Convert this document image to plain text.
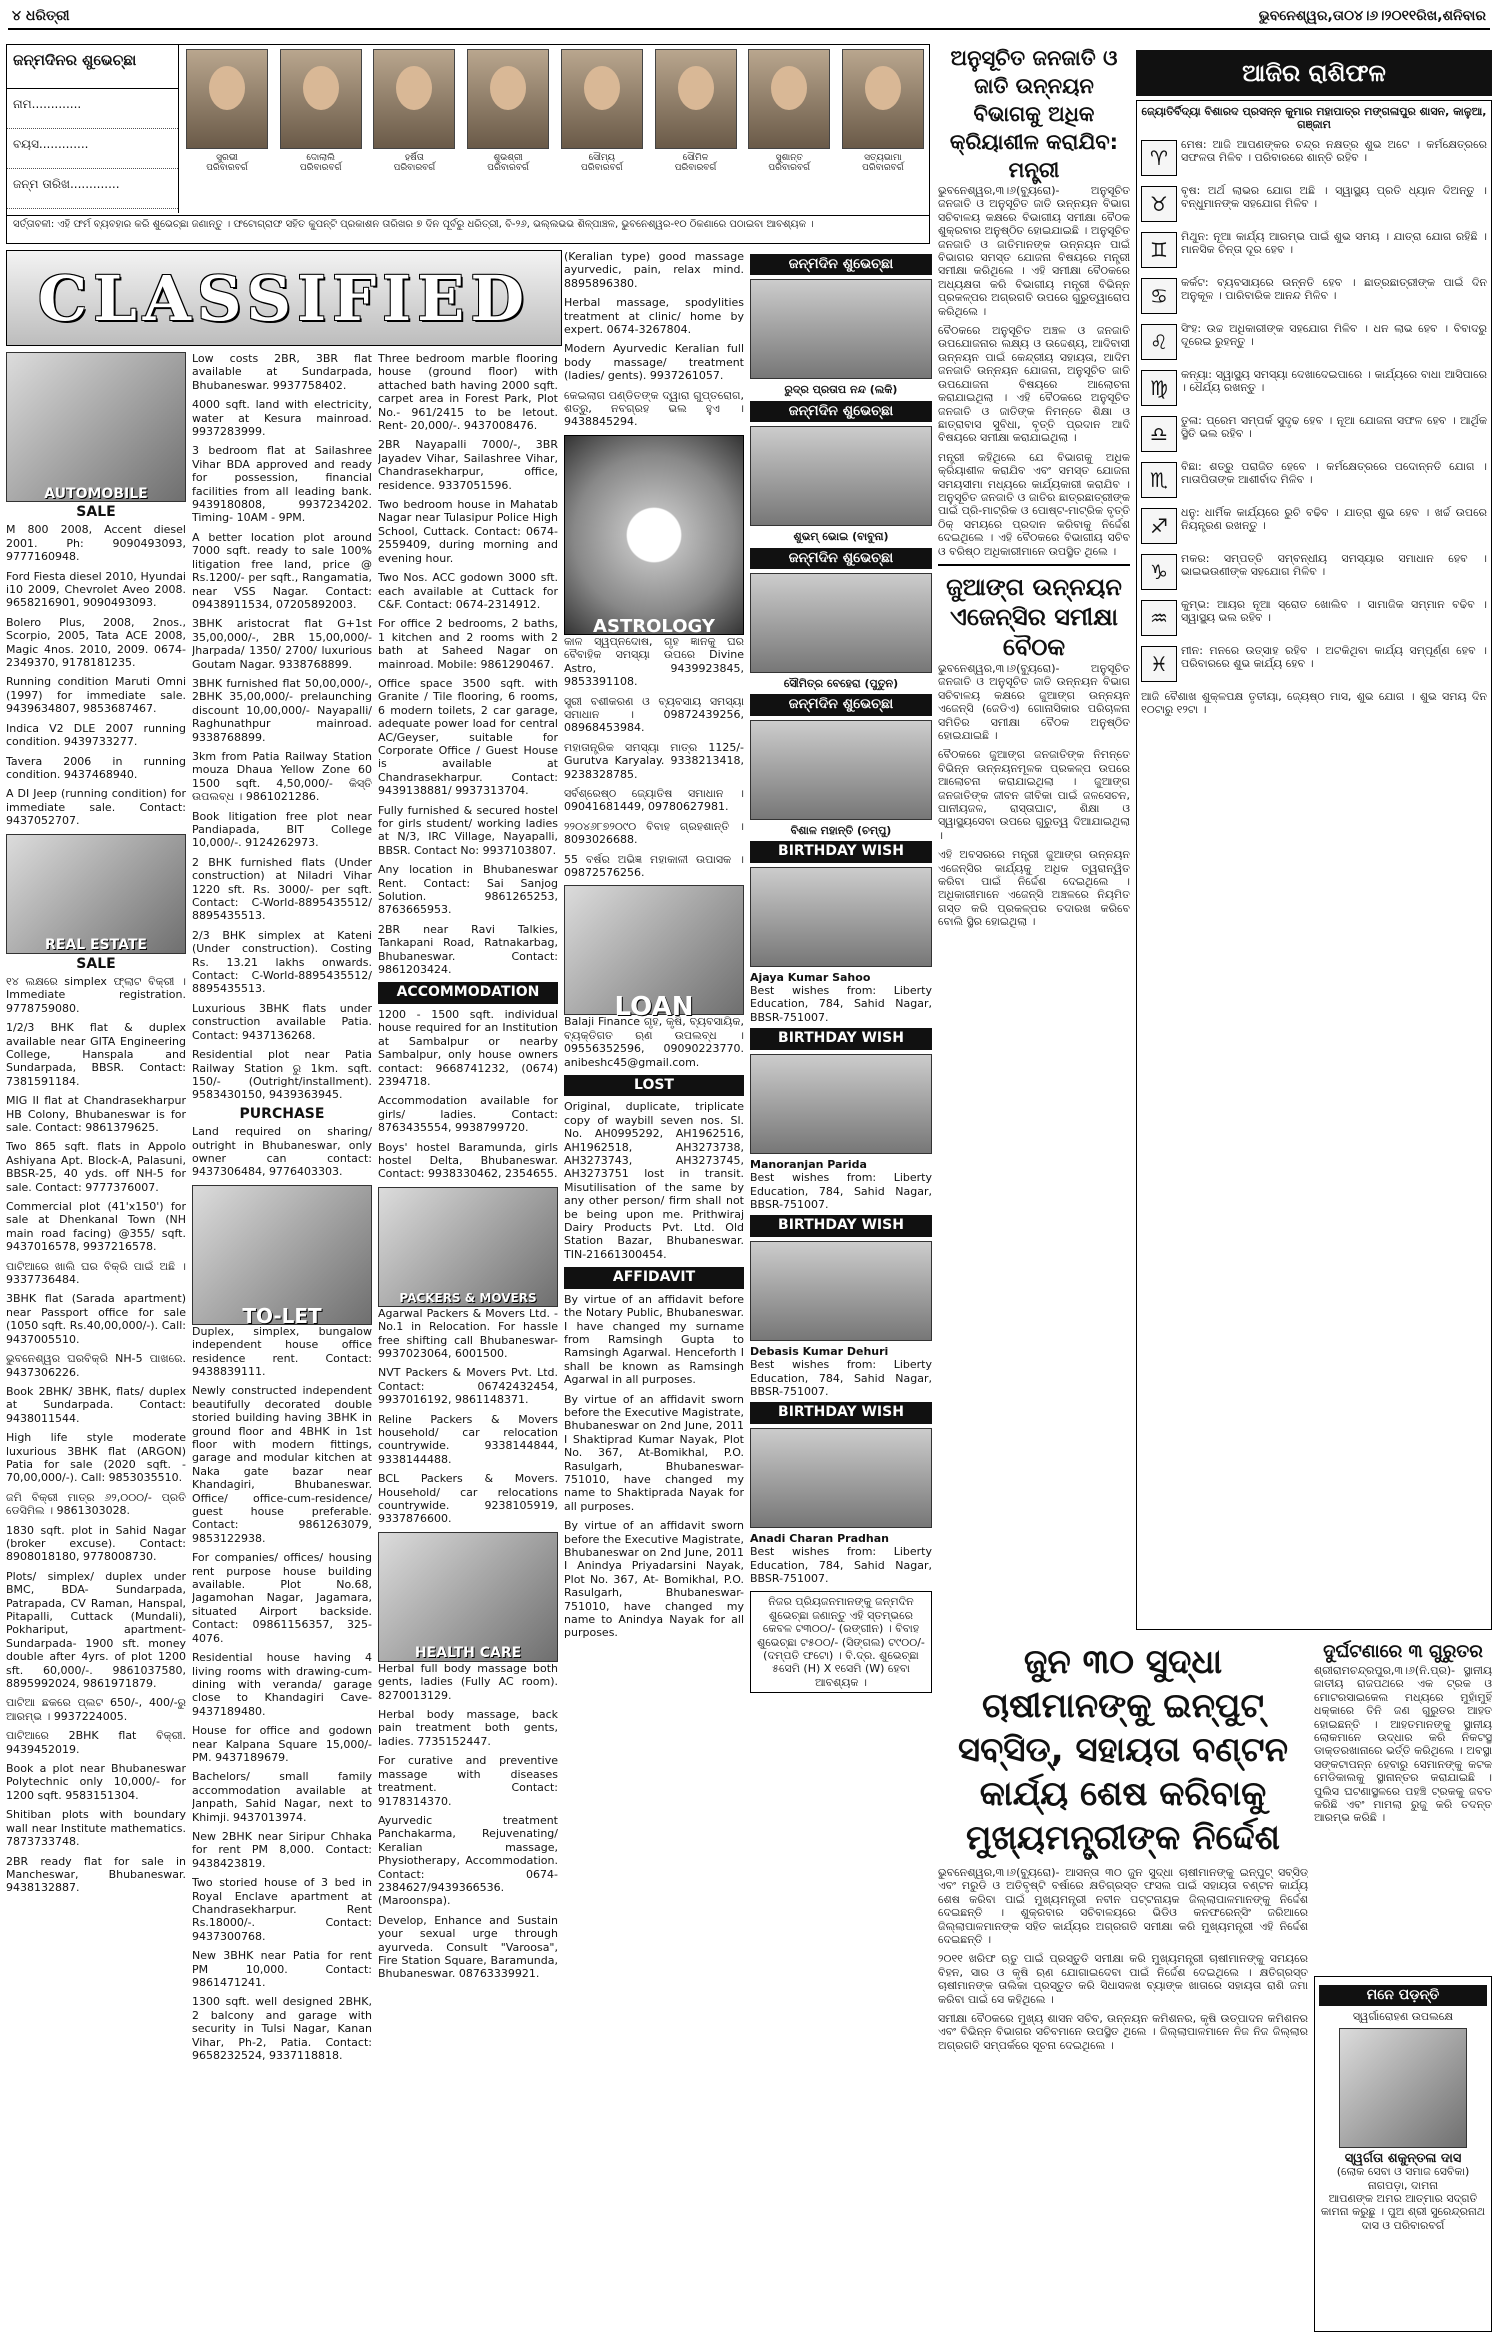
୪ ଧରିତ୍ରୀ	ଭୁବନେଶ୍ୱର,ତା୦୪।୬।୨୦୧୧ରିଖ,ଶନିବାର
ଜନ୍ମଦିନର ଶୁଭେଚ୍ଛା
ନାମ.............
ବୟସ.............
ଜନ୍ମ ତାରିଖ.............
ସୁରଭୀ
ପରିବାରବର୍ଗ
ଦୋଲାଲି
ପରିବାରବର୍ଗ
ହର୍ଷିତା
ପରିବାରବର୍ଗ
ଶୁଭଶ୍ରୀ
ପରିବାରବର୍ଗ
ସୌମ୍ୟ
ପରିବାରବର୍ଗ
ସୌମିଳ
ପରିବାରବର୍ଗ
ସୁଶାନ୍ତ
ପରିବାରବର୍ଗ
ସତ୍ୟଭାମା
ପରିବାରବର୍ଗ
ସର୍ତ୍ତାବଳୀ: ଏହି ଫର୍ମ ବ୍ୟବହାର କରି ଶୁଭେଚ୍ଛା ଜଣାନ୍ତୁ । ଫଟୋଗ୍ରାଫ ସହିତ କୁପନ୍‌ଟି ପ୍ରକାଶନ ତାରିଖର ୭ ଦିନ ପୂର୍ବରୁ ଧରିତ୍ରୀ, ବି-୨୬, ଭଲ୍ଲଭଭ ଶିଳ୍ପାଞ୍ଚଳ, ଭୁବନେଶ୍ୱର-୧୦ ଠିକଣାରେ ପଠାଇବା ଆବଶ୍ୟକ ।
CLASSIFIED
AUTOMOBILE
SALE

M 800 2008, Accent diesel 2001. Ph: 9090493093, 9777160948.

Ford Fiesta diesel 2010, Hyundai i10 2009, Chevrolet Aveo 2008. 9658216901, 9090493093.

Bolero Plus, 2008, 2nos., Scorpio, 2005, Tata ACE 2008, Magic 4nos. 2010, 2009. 0674-2349370, 9178181235.

Running condition Maruti Omni (1997) for immediate sale. 9439634807, 9853687467.

Indica V2 DLE 2007 running condition. 9439733277.

Tavera 2006 in running condition. 9437468940.

A DI Jeep (running condition) for immediate sale. Contact: 9437052707.

REAL ESTATE
SALE

୧୪ ଲକ୍ଷରେ simplex ଫ୍ଲାଟ ବିକ୍ରୀ । Immediate registration. 9778759080.

1/2/3 BHK flat & duplex available near GITA Engineering College, Hanspala and Sundarpada, BBSR. Contact: 7381591184.

MIG II flat at Chandrasekharpur HB Colony, Bhubaneswar is for sale. Contact: 9861379625.

Two 865 sqft. flats in Appolo Ashiyana Apt. Block-A, Palasuni, BBSR-25, 40 yds. off NH-5 for sale. Contact: 9777376007.

Commercial plot (41'x150') for sale at Dhenkanal Town (NH main road facing) @355/ sqft. 9437016578, 9937216578.

ପାଟିଆରେ ଖାଲି ଘର ବିକ୍ରି ପାଇଁ ଅଛି । 9337736484.

3BHK flat (Sarada apartment) near Passport office for sale (1050 sqft. Rs.40,00,000/-). Call: 9437005510.

ଭୁବନେଶ୍ୱର ଘରବିକ୍ରି NH-5 ପାଖରେ. 9437306226.

Book 2BHK/ 3BHK, flats/ duplex at Sundarpada. Contact: 9438011544.

High life style moderate luxurious 3BHK flat (ARGON) Patia for sale (2020 sqft. - 70,00,000/-). Call: 9853035510.

ଜମି ବିକ୍ରୀ ମାତ୍ର ୬୨,୦୦୦/- ପ୍ରତି ଡେସିମିଲ । 9861303028.

1830 sqft. plot in Sahid Nagar (broker excuse). Contact: 8908018180, 9778008730.

Plots/ simplex/ duplex under BMC, BDA- Sundarpada, Patrapada, CV Raman, Hanspal, Pitapalli, Cuttack (Mundali), Pokhariput, apartment- Sundarpada- 1900 sft. money double after 4yrs. of plot 1200 sft. 60,000/-. 9861037580, 8895992024, 9861971879.

ପାଟିଆ ଛକରେ ପ୍ଲଟ 650/-, 400/-ରୁ ଆରମ୍ଭ । 9937224005.

ପାଟିଆରେ 2BHK flat ବିକ୍ରୀ. 9439452019.

Book a plot near Bhubaneswar Polytechnic only 10,000/- for 1200 sqft. 9583151304.

Shitiban plots with boundary wall near Institute mathematics. 7873733748.

2BR ready flat for sale in Mancheswar, Bhubaneswar. 9438132887.

Low costs 2BR, 3BR flat available at Sundarpada, Bhubaneswar. 9937758402.

4000 sqft. land with electricity, water at Kesura mainroad. 9937283999.

3 bedroom flat at Sailashree Vihar BDA approved and ready for possession, financial facilities from all leading bank. 9439180808, 9937234202. Timing- 10AM - 9PM.

A better location plot around 7000 sqft. ready to sale 100% litigation free land, price @ Rs.1200/- per sqft., Rangamatia, near VSS Nagar. Contact: 09438911534, 07205892003.

3BHK aristocrat flat G+1st 35,00,000/-, 2BR 15,00,000/- Jharpada/ 1350/ 2700/ luxurious Goutam Nagar. 9338768899.

3BHK furnished flat 50,00,000/-, 2BHK 35,00,000/- prelaunching discount 10,00,000/- Nayapalli/ Raghunathpur mainroad. 9338768899.

3km from Patia Railway Station mouza Dhaua Yellow Zone 60 1500 sqft. 4,50,000/- କିସ୍ତି ଉପଲବ୍ଧ । 9861021286.

Book litigation free plot near Pandiapada, BIT College 10,000/-. 9124262973.

2 BHK furnished flats (Under construction) at Niladri Vihar 1220 sft. Rs. 3000/- per sqft. Contact: C-World-8895435512/ 8895435513.

2/3 BHK simplex at Kateni (Under construction). Costing Rs. 13.21 lakhs onwards. Contact: C-World-8895435512/ 8895435513.

Luxurious 3BHK flats under construction available Patia. Contact: 9437136268.

Residential plot near Patia Railway Station ରୁ 1km. sqft. 150/- (Outright/installment). 9583430150, 9439363945.

PURCHASE

Land required on sharing/ outright in Bhubaneswar, only owner can contact: 9437306484, 9776403303.

TO-LET

Duplex, simplex, bungalow independent house office residence rent. Contact: 9438839111.

Newly constructed independent beautifully decorated double storied building having 3BHK in ground floor and 4BHK in 1st floor with modern fittings, garage and modular kitchen at Naka gate bazar near Khandagiri, Bhubaneswar. Office/ office-cum-residence/ guest house preferable. Contact: 9861263079, 9853122938.

For companies/ offices/ housing rent purpose house building available. Plot No.68, Jagamohan Nagar, Jagamara, situated Airport backside. Contact: 09861156357, 325-4076.

Residential house having 4 living rooms with drawing-cum-dining with veranda/ garage close to Khandagiri Cave- 9437189480.

House for office and godown near Kalpana Square 15,000/- PM. 9437189679.

Bachelors/ small family accommodation available at Janpath, Sahid Nagar, next to Khimji. 9437013974.

New 2BHK near Siripur Chhaka for rent PM 8,000. Contact: 9438423819.

Two storied house of 3 bed in Royal Enclave apartment at Chandrasekharpur. Rent Rs.18000/-. Contact: 9437300768.

New 3BHK near Patia for rent PM 10,000. Contact: 9861471241.

1300 sqft. well designed 2BHK, 2 balcony and garage with security in Tulsi Nagar, Kanan Vihar, Ph-2, Patia. Contact: 9658232524, 9337118818.

Three bedroom marble flooring house (ground floor) with attached bath having 2000 sqft. carpet area in Forest Park, Plot No.- 961/2415 to be letout. Rent- 20,000/-. 9437008476.

2BR Nayapalli 7000/-, 3BR Jayadev Vihar, Sailashree Vihar, Chandrasekharpur, office, residence. 9337051596.

Two bedroom house in Mahatab Nagar near Tulasipur Police High School, Cuttack. Contact: 0674-2559409, during morning and evening hour.

Two Nos. ACC godown 3000 sft. each available at Cuttack for C&F. Contact: 0674-2314912.

For office 2 bedrooms, 2 baths, 1 kitchen and 2 rooms with 2 bath at Saheed Nagar on mainroad. Mobile: 9861290467.

Office space 3500 sqft. with Granite / Tile flooring, 6 rooms, 6 modern toilets, 2 car garage, adequate power load for central AC/Geyser, suitable for Corporate Office / Guest House is available at Chandrasekharpur. Contact: 9439138881/ 9937313704.

Fully furnished & secured hostel for girls student/ working ladies at N/3, IRC Village, Nayapalli, BBSR. Contact No: 9937103807.

Any location in Bhubaneswar Rent. Contact: Sai Sanjog Solution. 9861265253, 8763665953.

2BR near Ravi Talkies, Tankapani Road, Ratnakarbag, Bhubaneswar. Contact: 9861203424.

ACCOMMODATION

1200 - 1500 sqft. individual house required for an Institution at Sambalpur or nearby Sambalpur, only house owners contact: 9668741232, (0674) 2394718.

Accommodation available for girls/ ladies. Contact: 8763435554, 9938799720.

Boys' hostel Baramunda, girls hostel Delta, Bhubaneswar. Contact: 9938330462, 2354655.

PACKERS & MOVERS

Agarwal Packers & Movers Ltd. - No.1 in Relocation. For hassle free shifting call Bhubaneswar- 9937023064, 6001500.

NVT Packers & Movers Pvt. Ltd. Contact: 06742432454, 9937016192, 9861148371.

Reline Packers & Movers household/ car relocation countrywide. 9338144844, 9338144488.

BCL Packers & Movers. Household/ car relocations countrywide. 9238105919, 9337876600.

HEALTH CARE

Herbal full body massage both gents, ladies (Fully AC room). 8270013129.

Herbal body massage, back pain treatment both gents, ladies. 7735152447.

For curative and preventive massage with diseases treatment. Contact: 9178314370.

Ayurvedic treatment Panchakarma, Rejuvenating/ Keralian massage, Physiotherapy, Accommodation. Contact: 0674-2384627/9439366536. (Maroonspa).

Develop, Enhance and Sustain your sexual urge through ayurveda. Consult "Varoosa", Fire Station Square, Baramunda, Bhubaneswar. 08763339921.

(Keralian type) good massage ayurvedic, pain, relax mind. 8895896380.

Herbal massage, spodylities treatment at clinic/ home by expert. 0674-3267804.

Modern Ayurvedic Keralian full body massage/ treatment (ladies/ gents). 9937261057.

କେଇଲାଗ ପଣ୍ଡିତଙ୍କ ଦ୍ୱାରା ଗୁପ୍ତରୋଗ, ଶତ୍ରୁ, ନବଗ୍ରହ ଭଲ ହୁଏ । 9438845294.

ASTROLOGY

କାଳ ସ୍ୱପ୍ନଦୋଷ, ଗୃହ ଜ୍ଞାନକୁ ଘର ବୈବାହିକ ସମସ୍ୟା ଉପରେ Divine Astro, 9439923845, 9853391108.

ସ୍ତ୍ରୀ ବଶୀକରଣ ଓ ବ୍ୟବସାୟ ସମସ୍ୟା ସମାଧାନ । 09872439256, 08968453984.

ମହାତାନ୍ତ୍ରିକ ସମସ୍ୟା ମାତ୍ର 1125/- Gurutva Karyalay. 9338213418, 9238328785.

ସର୍ବଶ୍ରେଷ୍ଠ ଜ୍ୟୋତିଷ ସମାଧାନ । 09041681449, 09780627981.

୨୨୦୪୬୮୭୨୦୯୦ ବିବାହ ଗ୍ରହଶାନ୍ତି । 8093026688.

55 ବର୍ଷର ଅଭିଜ୍ଞ ମହାକାଳୀ ଉପାସକ । 09872576256.

LOAN

Balaji Finance ଗୃହ, କୃଷି, ବ୍ୟବସାୟିକ, ବ୍ୟକ୍ତିଗତ ଋଣ ଉପଲବ୍ଧ । 09556352596, 09090223770. anibeshc45@gmail.com.

LOST

Original, duplicate, triplicate copy of waybill seven nos. Sl. No. AH0995292, AH1962516, AH1962518, AH3273738, AH3273743, AH3273745, AH3273751 lost in transit. Misutilisation of the same by any other person/ firm shall not be being upon me. Prithwiraj Dairy Products Pvt. Ltd. Old Station Bazar, Bhubaneswar. TIN-21661300454.

AFFIDAVIT

By virtue of an affidavit before the Notary Public, Bhubaneswar. I have changed my surname from Ramsingh Gupta to Ramsingh Agarwal. Henceforth I shall be known as Ramsingh Agarwal in all purposes.

By virtue of an affidavit sworn before the Executive Magistrate, Bhubaneswar on 2nd June, 2011 I Shaktiprad Kumar Nayak, Plot No. 367, At-Bomikhal, P.O. Rasulgarh, Bhubaneswar- 751010, have changed my name to Shaktiprada Nayak for all purposes.

By virtue of an affidavit sworn before the Executive Magistrate, Bhubaneswar on 2nd June, 2011 I Anindya Priyadarsini Nayak, Plot No. 367, At- Bomikhal, P.O. Rasulgarh, Bhubaneswar- 751010, have changed my name to Anindya Nayak for all purposes.

ଜନ୍ମଦିନ ଶୁଭେଚ୍ଛା
ରୁଦ୍ର ପ୍ରତାପ ନନ୍ଦ (ଲକି)
ଜନ୍ମଦିନ ଶୁଭେଚ୍ଛା
ଶୁଭମ୍ ଭୋଇ (ବାବୁନା)
ଜନ୍ମଦିନ ଶୁଭେଚ୍ଛା
ସୌମିତ୍ର ବେହେରା (ପୁତୁନ)
ଜନ୍ମଦିନ ଶୁଭେଚ୍ଛା
ବିଶାଳ ମହାନ୍ତି (ଚମ୍ପୁ)
BIRTHDAY WISH
Ajaya Kumar Sahoo
Best wishes from: Liberty Education, 784, Sahid Nagar, BBSR-751007.
BIRTHDAY WISH
Manoranjan Parida
Best wishes from: Liberty Education, 784, Sahid Nagar, BBSR-751007.
BIRTHDAY WISH
Debasis Kumar Dehuri
Best wishes from: Liberty Education, 784, Sahid Nagar, BBSR-751007.
BIRTHDAY WISH
Anadi Charan Pradhan
Best wishes from: Liberty Education, 784, Sahid Nagar, BBSR-751007.
ନିଜର ପ୍ରିୟଜନମାନଙ୍କୁ ଜନ୍ମଦିନ ଶୁଭେଚ୍ଛା ଜଣାନ୍ତୁ ଏହି ସ୍ତମ୍ଭରେ କେବଳ ଟ୩୦୦/- (ରଙ୍ଗୀନ) । ବିବାହ ଶୁଭେଚ୍ଛା ଟ୫୦୦/- (ସିଙ୍ଗଲ) ଟ୯୦୦/- (ଦମ୍ପତି ଫଟୋ) । ବି.ଦ୍ର. ଶୁଭେଚ୍ଛା ୫ସେମି (H) X ୧ସେମି (W) ହେବା ଆବଶ୍ୟକ ।
ଅନୁସୂଚିତ ଜନଜାତି ଓ ଜାତି ଉନ୍ନୟନ ବିଭାଗକୁ ଅଧିକ କ୍ରିୟାଶୀଳ କରାଯିବ: ମନ୍ତ୍ରୀ

ଭୁବନେଶ୍ୱର,୩।୬(ବ୍ୟୁରୋ)- ଅନୁସୂଚିତ ଜନଜାତି ଓ ଅନୁସୂଚିତ ଜାତି ଉନ୍ନୟନ ବିଭାଗ ସଚିବାଳୟ କକ୍ଷରେ ବିଭାଗୀୟ ସମୀକ୍ଷା ବୈଠକ ଶୁକ୍ରବାର ଅନୁଷ୍ଠିତ ହୋଇଯାଇଛି । ଅନୁସୂଚିତ ଜନଜାତି ଓ ଜାତିମାନଙ୍କ ଉନ୍ନୟନ ପାଇଁ ବିଭାଗର ସମସ୍ତ ଯୋଜନା ବିଷୟରେ ମନ୍ତ୍ରୀ ସମୀକ୍ଷା କରିଥିଲେ । ଏହି ସମୀକ୍ଷା ବୈଠକରେ ଅଧ୍ୟକ୍ଷତା କରି ବିଭାଗୀୟ ମନ୍ତ୍ରୀ ବିଭିନ୍ନ ପ୍ରକଳ୍ପର ଅଗ୍ରଗତି ଉପରେ ଗୁରୁତ୍ୱାରୋପ କରିଥିଲେ ।

ବୈଠକରେ ଅନୁସୂଚିତ ଅଞ୍ଚଳ ଓ ଜନଜାତି ଉପଯୋଜନାର ଲକ୍ଷ୍ୟ ଓ ଉଦ୍ଦେଶ୍ୟ, ଆଦିବାସୀ ଉନ୍ନୟନ ପାଇଁ କେନ୍ଦ୍ରୀୟ ସହାୟତା, ଆଦିମ ଜନଜାତି ଉନ୍ନୟନ ଯୋଜନା, ଅନୁସୂଚିତ ଜାତି ଉପଯୋଜନା ବିଷୟରେ ଆଲୋଚନା କରାଯାଇଥିଲା । ଏହି ବୈଠକରେ ଅନୁସୂଚିତ ଜନଜାତି ଓ ଜାତିଙ୍କ ନିମନ୍ତେ ଶିକ୍ଷା ଓ ଛାତ୍ରାବାସ ସୁବିଧା, ବୃତ୍ତି ପ୍ରଦାନ ଆଦି ବିଷୟରେ ସମୀକ୍ଷା କରାଯାଇଥିଲା ।

ମନ୍ତ୍ରୀ କହିଥିଲେ ଯେ ବିଭାଗକୁ ଅଧିକ କ୍ରିୟାଶୀଳ କରାଯିବ ଏବଂ ସମସ୍ତ ଯୋଜନା ସମୟସୀମା ମଧ୍ୟରେ କାର୍ଯ୍ୟକାରୀ କରାଯିବ । ଅନୁସୂଚିତ ଜନଜାତି ଓ ଜାତିର ଛାତ୍ରଛାତ୍ରୀଙ୍କ ପାଇଁ ପ୍ରି-ମାଟ୍ରିକ ଓ ପୋଷ୍ଟ-ମାଟ୍ରିକ ବୃତ୍ତି ଠିକ୍ ସମୟରେ ପ୍ରଦାନ କରିବାକୁ ନିର୍ଦ୍ଦେଶ ଦେଇଥିଲେ । ଏହି ବୈଠକରେ ବିଭାଗୀୟ ସଚିବ ଓ ବରିଷ୍ଠ ଅଧିକାରୀମାନେ ଉପସ୍ଥିତ ଥିଲେ ।

ଜୁଆଙ୍ଗ ଉନ୍ନୟନ ଏଜେନ୍ସିର ସମୀକ୍ଷା ବୈଠକ

ଭୁବନେଶ୍ୱର,୩।୬(ବ୍ୟୁରୋ)- ଅନୁସୂଚିତ ଜନଜାତି ଓ ଅନୁସୂଚିତ ଜାତି ଉନ୍ନୟନ ବିଭାଗ ସଚିବାଳୟ କକ୍ଷରେ ଜୁଆଙ୍ଗ ଉନ୍ନୟନ ଏଜେନ୍ସି (ଜେଡିଏ) ଗୋନାସିକାର ପରିଚାଳନା ସମିତିର ସମୀକ୍ଷା ବୈଠକ ଅନୁଷ୍ଠିତ ହୋଇଯାଇଛି ।

ବୈଠକରେ ଜୁଆଙ୍ଗ ଜନଜାତିଙ୍କ ନିମନ୍ତେ ବିଭିନ୍ନ ଉନ୍ନୟନମୂଳକ ପ୍ରକଳ୍ପ ଉପରେ ଆଲୋଚନା କରାଯାଇଥିଲା । ଜୁଆଙ୍ଗ ଜନଜାତିଙ୍କ ଜୀବନ ଜୀବିକା ପାଇଁ ଜଳସେଚନ, ପାନୀୟଜଳ, ରାସ୍ତାଘାଟ, ଶିକ୍ଷା ଓ ସ୍ୱାସ୍ଥ୍ୟସେବା ଉପରେ ଗୁରୁତ୍ୱ ଦିଆଯାଇଥିଲା ।

ଏହି ଅବସରରେ ମନ୍ତ୍ରୀ ଜୁଆଙ୍ଗ ଉନ୍ନୟନ ଏଜେନ୍ସିର କାର୍ଯ୍ୟକୁ ଅଧିକ ତ୍ୱରାନ୍ୱିତ କରିବା ପାଇଁ ନିର୍ଦ୍ଦେଶ ଦେଇଥିଲେ । ଅଧିକାରୀମାନେ ଏଜେନ୍ସି ଅଞ୍ଚଳରେ ନିୟମିତ ଗସ୍ତ କରି ପ୍ରକଳ୍ପର ତଦାରଖ କରିବେ ବୋଲି ସ୍ଥିର ହୋଇଥିଲା ।

ଆଜିର ରାଶିଫଳ
ଜ୍ୟୋତିର୍ବିଦ୍ୟା ବିଶାରଦ ପ୍ରସନ୍ନ କୁମାର ମହାପାତ୍ର ମଙ୍ଗଳାପୁର ଶାସନ, କାଳୁଆ, ଗଞ୍ଜାମ

♈
ମେଷ: ଆଜି ଆପଣଙ୍କର ଚନ୍ଦ୍ର ନକ୍ଷତ୍ର ଶୁଭ ଅଟେ । କର୍ମକ୍ଷେତ୍ରରେ ସଫଳତା ମିଳିବ । ପରିବାରରେ ଶାନ୍ତି ରହିବ ।

♉
ବୃଷ: ଅର୍ଥ ଲାଭର ଯୋଗ ଅଛି । ସ୍ୱାସ୍ଥ୍ୟ ପ୍ରତି ଧ୍ୟାନ ଦିଅନ୍ତୁ । ବନ୍ଧୁମାନଙ୍କ ସହଯୋଗ ମିଳିବ ।

♊
ମିଥୁନ: ନୂଆ କାର୍ଯ୍ୟ ଆରମ୍ଭ ପାଇଁ ଶୁଭ ସମୟ । ଯାତ୍ରା ଯୋଗ ରହିଛି । ମାନସିକ ଚିନ୍ତା ଦୂର ହେବ ।

♋
କର୍କଟ: ବ୍ୟବସାୟରେ ଉନ୍ନତି ହେବ । ଛାତ୍ରଛାତ୍ରୀଙ୍କ ପାଇଁ ଦିନ ଅନୁକୂଳ । ପାରିବାରିକ ଆନନ୍ଦ ମିଳିବ ।

♌
ସିଂହ: ଉଚ୍ଚ ଅଧିକାରୀଙ୍କ ସହଯୋଗ ମିଳିବ । ଧନ ଲାଭ ହେବ । ବିବାଦରୁ ଦୂରେଇ ରୁହନ୍ତୁ ।

♍
କନ୍ୟା: ସ୍ୱାସ୍ଥ୍ୟ ସମସ୍ୟା ଦେଖାଦେଇପାରେ । କାର୍ଯ୍ୟରେ ବାଧା ଆସିପାରେ । ଧୈର୍ଯ୍ୟ ରଖନ୍ତୁ ।

♎
ତୁଳା: ପ୍ରେମ ସମ୍ପର୍କ ସୁଦୃଢ ହେବ । ନୂଆ ଯୋଜନା ସଫଳ ହେବ । ଆର୍ଥିକ ସ୍ଥିତି ଭଲ ରହିବ ।

♏
ବିଛା: ଶତ୍ରୁ ପରାଜିତ ହେବେ । କର୍ମକ୍ଷେତ୍ରରେ ପଦୋନ୍ନତି ଯୋଗ । ମାତାପିତାଙ୍କ ଆଶୀର୍ବାଦ ମିଳିବ ।

♐
ଧନୁ: ଧାର୍ମିକ କାର୍ଯ୍ୟରେ ରୁଚି ବଢିବ । ଯାତ୍ରା ଶୁଭ ହେବ । ଖର୍ଚ୍ଚ ଉପରେ ନିୟନ୍ତ୍ରଣ ରଖନ୍ତୁ ।

♑
ମକର: ସମ୍ପତ୍ତି ସମ୍ବନ୍ଧୀୟ ସମସ୍ୟାର ସମାଧାନ ହେବ । ଭାଇଭଉଣୀଙ୍କ ସହଯୋଗ ମିଳିବ ।

♒
କୁମ୍ଭ: ଆୟର ନୂଆ ସ୍ରୋତ ଖୋଲିବ । ସାମାଜିକ ସମ୍ମାନ ବଢିବ । ସ୍ୱାସ୍ଥ୍ୟ ଭଲ ରହିବ ।

♓
ମୀନ: ମନରେ ଉତ୍ସାହ ରହିବ । ଅଟକିଥିବା କାର୍ଯ୍ୟ ସମ୍ପୂର୍ଣ୍ଣ ହେବ । ପରିବାରରେ ଶୁଭ କାର୍ଯ୍ୟ ହେବ ।

ଆଜି ବୈଶାଖ ଶୁକ୍ଳପକ୍ଷ ତୃତୀୟା, ଜ୍ୟେଷ୍ଠ ମାସ, ଶୁଭ ଯୋଗ । ଶୁଭ ସମୟ ଦିନ ୧୦ଟାରୁ ୧୨ଟା ।

ଜୁନ ୩୦ ସୁଦ୍ଧା ଚାଷୀମାନଙ୍କୁ ଇନ୍‌ପୁଟ୍ ସବ୍‌ସିଡ୍, ସହାୟତା ବଣ୍ଟନ କାର୍ଯ୍ୟ ଶେଷ କରିବାକୁ ମୁଖ୍ୟମନ୍ତ୍ରୀଙ୍କ ନିର୍ଦ୍ଦେଶ

ଭୁବନେଶ୍ୱର,୩।୬(ବ୍ୟୁରୋ)- ଆସନ୍ତା ୩୦ ଜୁନ ସୁଦ୍ଧା ଚାଷୀମାନଙ୍କୁ ଇନ୍‌ପୁଟ୍ ସବ୍‌ସିଡ୍ ଏବଂ ମରୁଡି ଓ ଅତିବୃଷ୍ଟି ବର୍ଷାରେ କ୍ଷତିଗ୍ରସ୍ତ ଫସଲ ପାଇଁ ସହାୟତା ବଣ୍ଟନ କାର୍ଯ୍ୟ ଶେଷ କରିବା ପାଇଁ ମୁଖ୍ୟମନ୍ତ୍ରୀ ନବୀନ ପଟ୍ଟନାୟକ ଜିଲ୍ଲାପାଳମାନଙ୍କୁ ନିର୍ଦ୍ଦେଶ ଦେଇଛନ୍ତି । ଶୁକ୍ରବାର ସଚିବାଳୟରେ ଭିଡିଓ କନଫରେନ୍ସିଂ ଜରିଆରେ ଜିଲ୍ଲାପାଳମାନଙ୍କ ସହିତ କାର୍ଯ୍ୟର ଅଗ୍ରଗତି ସମୀକ୍ଷା କରି ମୁଖ୍ୟମନ୍ତ୍ରୀ ଏହି ନିର୍ଦ୍ଦେଶ ଦେଇଛନ୍ତି ।

୨୦୧୧ ଖରିଫ ଋତୁ ପାଇଁ ପ୍ରସ୍ତୁତି ସମୀକ୍ଷା କରି ମୁଖ୍ୟମନ୍ତ୍ରୀ ଚାଷୀମାନଙ୍କୁ ସମୟରେ ବିହନ, ସାର ଓ କୃଷି ଋଣ ଯୋଗାଇଦେବା ପାଇଁ ନିର୍ଦ୍ଦେଶ ଦେଇଥିଲେ । କ୍ଷତିଗ୍ରସ୍ତ ଚାଷୀମାନଙ୍କ ତାଲିକା ପ୍ରସ୍ତୁତ କରି ସିଧାସଳଖ ବ୍ୟାଙ୍କ ଖାତାରେ ସହାୟତା ରାଶି ଜମା କରିବା ପାଇଁ ସେ କହିଥିଲେ ।

ସମୀକ୍ଷା ବୈଠକରେ ମୁଖ୍ୟ ଶାସନ ସଚିବ, ଉନ୍ନୟନ କମିଶନର, କୃଷି ଉତ୍ପାଦନ କମିଶନର ଏବଂ ବିଭିନ୍ନ ବିଭାଗର ସଚିବମାନେ ଉପସ୍ଥିତ ଥିଲେ । ଜିଲ୍ଲାପାଳମାନେ ନିଜ ନିଜ ଜିଲ୍ଲାର ଅଗ୍ରଗତି ସମ୍ପର୍କରେ ସୂଚନା ଦେଇଥିଲେ ।

ଦୁର୍ଘଟଣାରେ ୩ ଗୁରୁତର

ଶ୍ରୀରାମଚନ୍ଦ୍ରପୁର,୩।୬(ନି.ପ୍ର)- ସ୍ଥାନୀୟ ଜାତୀୟ ରାଜପଥରେ ଏକ ଟ୍ରକ ଓ ମୋଟରସାଇକେଲ ମଧ୍ୟରେ ମୁହାଁମୁହିଁ ଧକ୍କାରେ ତିନି ଜଣ ଗୁରୁତର ଆହତ ହୋଇଛନ୍ତି । ଆହତମାନଙ୍କୁ ସ୍ଥାନୀୟ ଲୋକମାନେ ଉଦ୍ଧାର କରି ନିକଟସ୍ଥ ଡାକ୍ତରଖାନାରେ ଭର୍ତ୍ତି କରିଥିଲେ । ଅବସ୍ଥା ସଙ୍କଟାପନ୍ନ ହେବାରୁ ସେମାନଙ୍କୁ କଟକ ମେଡିକାଲକୁ ସ୍ଥାନାନ୍ତର କରାଯାଇଛି । ପୁଲିସ ଘଟଣାସ୍ଥଳରେ ପହଞ୍ଚି ଟ୍ରକକୁ ଜବତ କରିଛି ଏବଂ ମାମଲା ରୁଜୁ କରି ତଦନ୍ତ ଆରମ୍ଭ କରିଛି ।

ମନେ ପଡ଼ନ୍ତି
ସ୍ୱର୍ଗାରୋହଣ ଉପଲକ୍ଷେ
ସ୍ୱର୍ଗତା ଶକୁନ୍ତଳା ଦାସ
(ଲୋକ ସେବା ଓ ସମାଜ ସେବିକା) ନାଗପଡ଼ା, ଦାମନା

ଆପଣଙ୍କ ଅମର ଆତ୍ମାର ସଦ୍‌ଗତି କାମନା କରୁଛୁ । ପୁଅ ଶ୍ରୀ ସୁରେନ୍ଦ୍ରନାଥ ଦାସ ଓ ପରିବାରବର୍ଗ
